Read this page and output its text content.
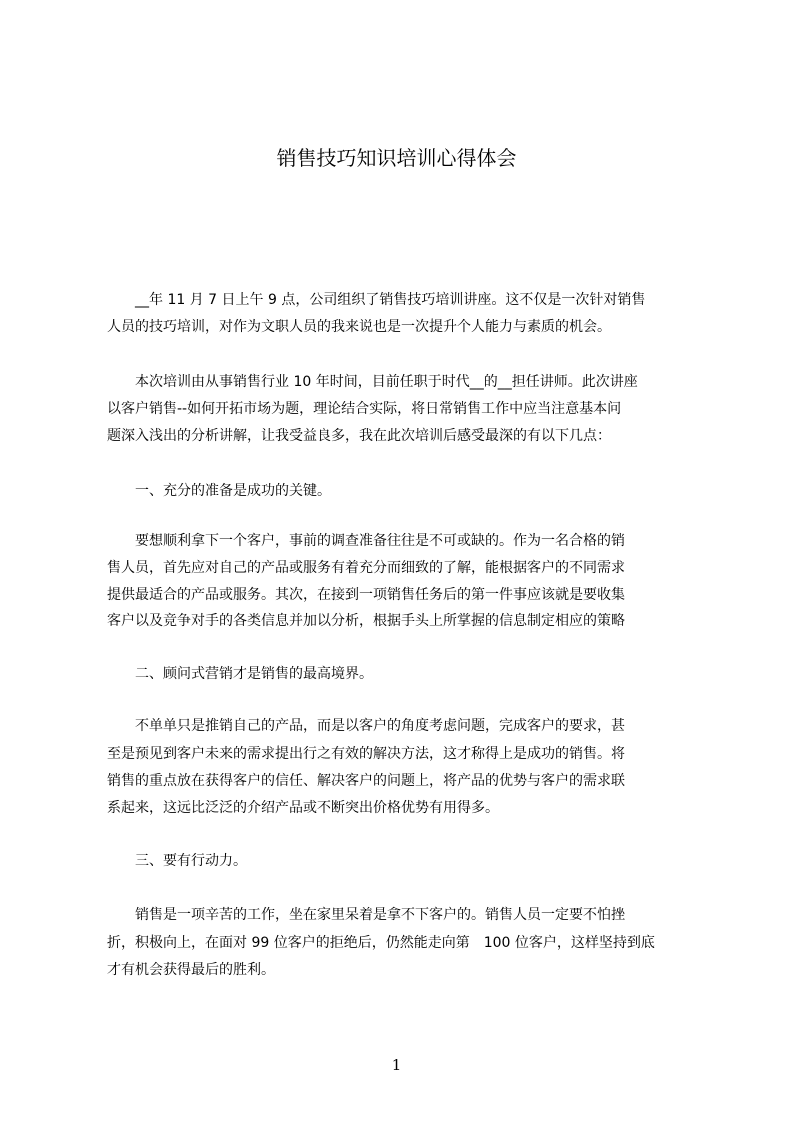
销售技巧知识培训心得体会
　　__年 11 月 7 日上午 9 点，公司组织了销售技巧培训讲座。这不仅是一次针对销售
人员的技巧培训，对作为文职人员的我来说也是一次提升个人能力与素质的机会。
　　本次培训由从事销售行业 10 年时间，目前任职于时代__的__担任讲师。此次讲座
以客户销售--如何开拓市场为题，理论结合实际，将日常销售工作中应当注意基本问
题深入浅出的分析讲解，让我受益良多，我在此次培训后感受最深的有以下几点：
　　一、充分的准备是成功的关键。
　　要想顺利拿下一个客户，事前的调查准备往往是不可或缺的。作为一名合格的销
售人员，首先应对自己的产品或服务有着充分而细致的了解，能根据客户的不同需求
提供最适合的产品或服务。其次，在接到一项销售任务后的第一件事应该就是要收集
客户以及竞争对手的各类信息并加以分析，根据手头上所掌握的信息制定相应的策略
　　二、顾问式营销才是销售的最高境界。
　　不单单只是推销自己的产品，而是以客户的角度考虑问题，完成客户的要求，甚
至是预见到客户未来的需求提出行之有效的解决方法，这才称得上是成功的销售。将
销售的重点放在获得客户的信任、解决客户的问题上，将产品的优势与客户的需求联
系起来，这远比泛泛的介绍产品或不断突出价格优势有用得多。
　　三、要有行动力。
　　销售是一项辛苦的工作，坐在家里呆着是拿不下客户的。销售人员一定要不怕挫
折，积极向上，在面对 99 位客户的拒绝后，仍然能走向第　100 位客户，这样坚持到底
才有机会获得最后的胜利。
1
